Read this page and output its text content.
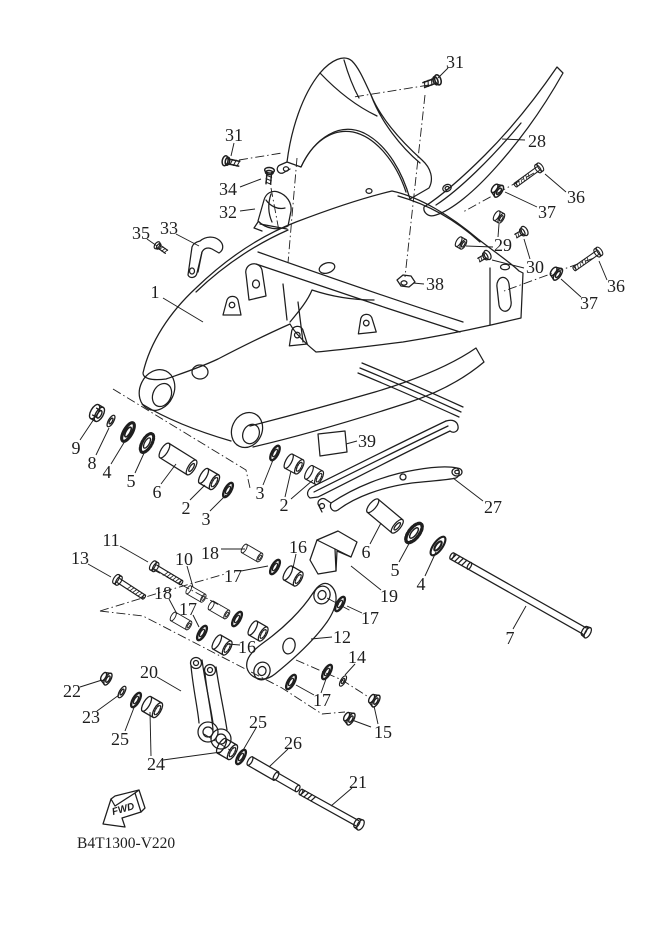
1
2	2
3
3
4
4
5
5
6
6
7
8
9
10
11
12
13
14
15
16
16
17
17	17
17
18
18	19
20
21
22
23
24
25
25
26
27
28
29
30
31
31
32
33
34
35
36
36
37
37
38
39
FWD
B4T1300-V220
